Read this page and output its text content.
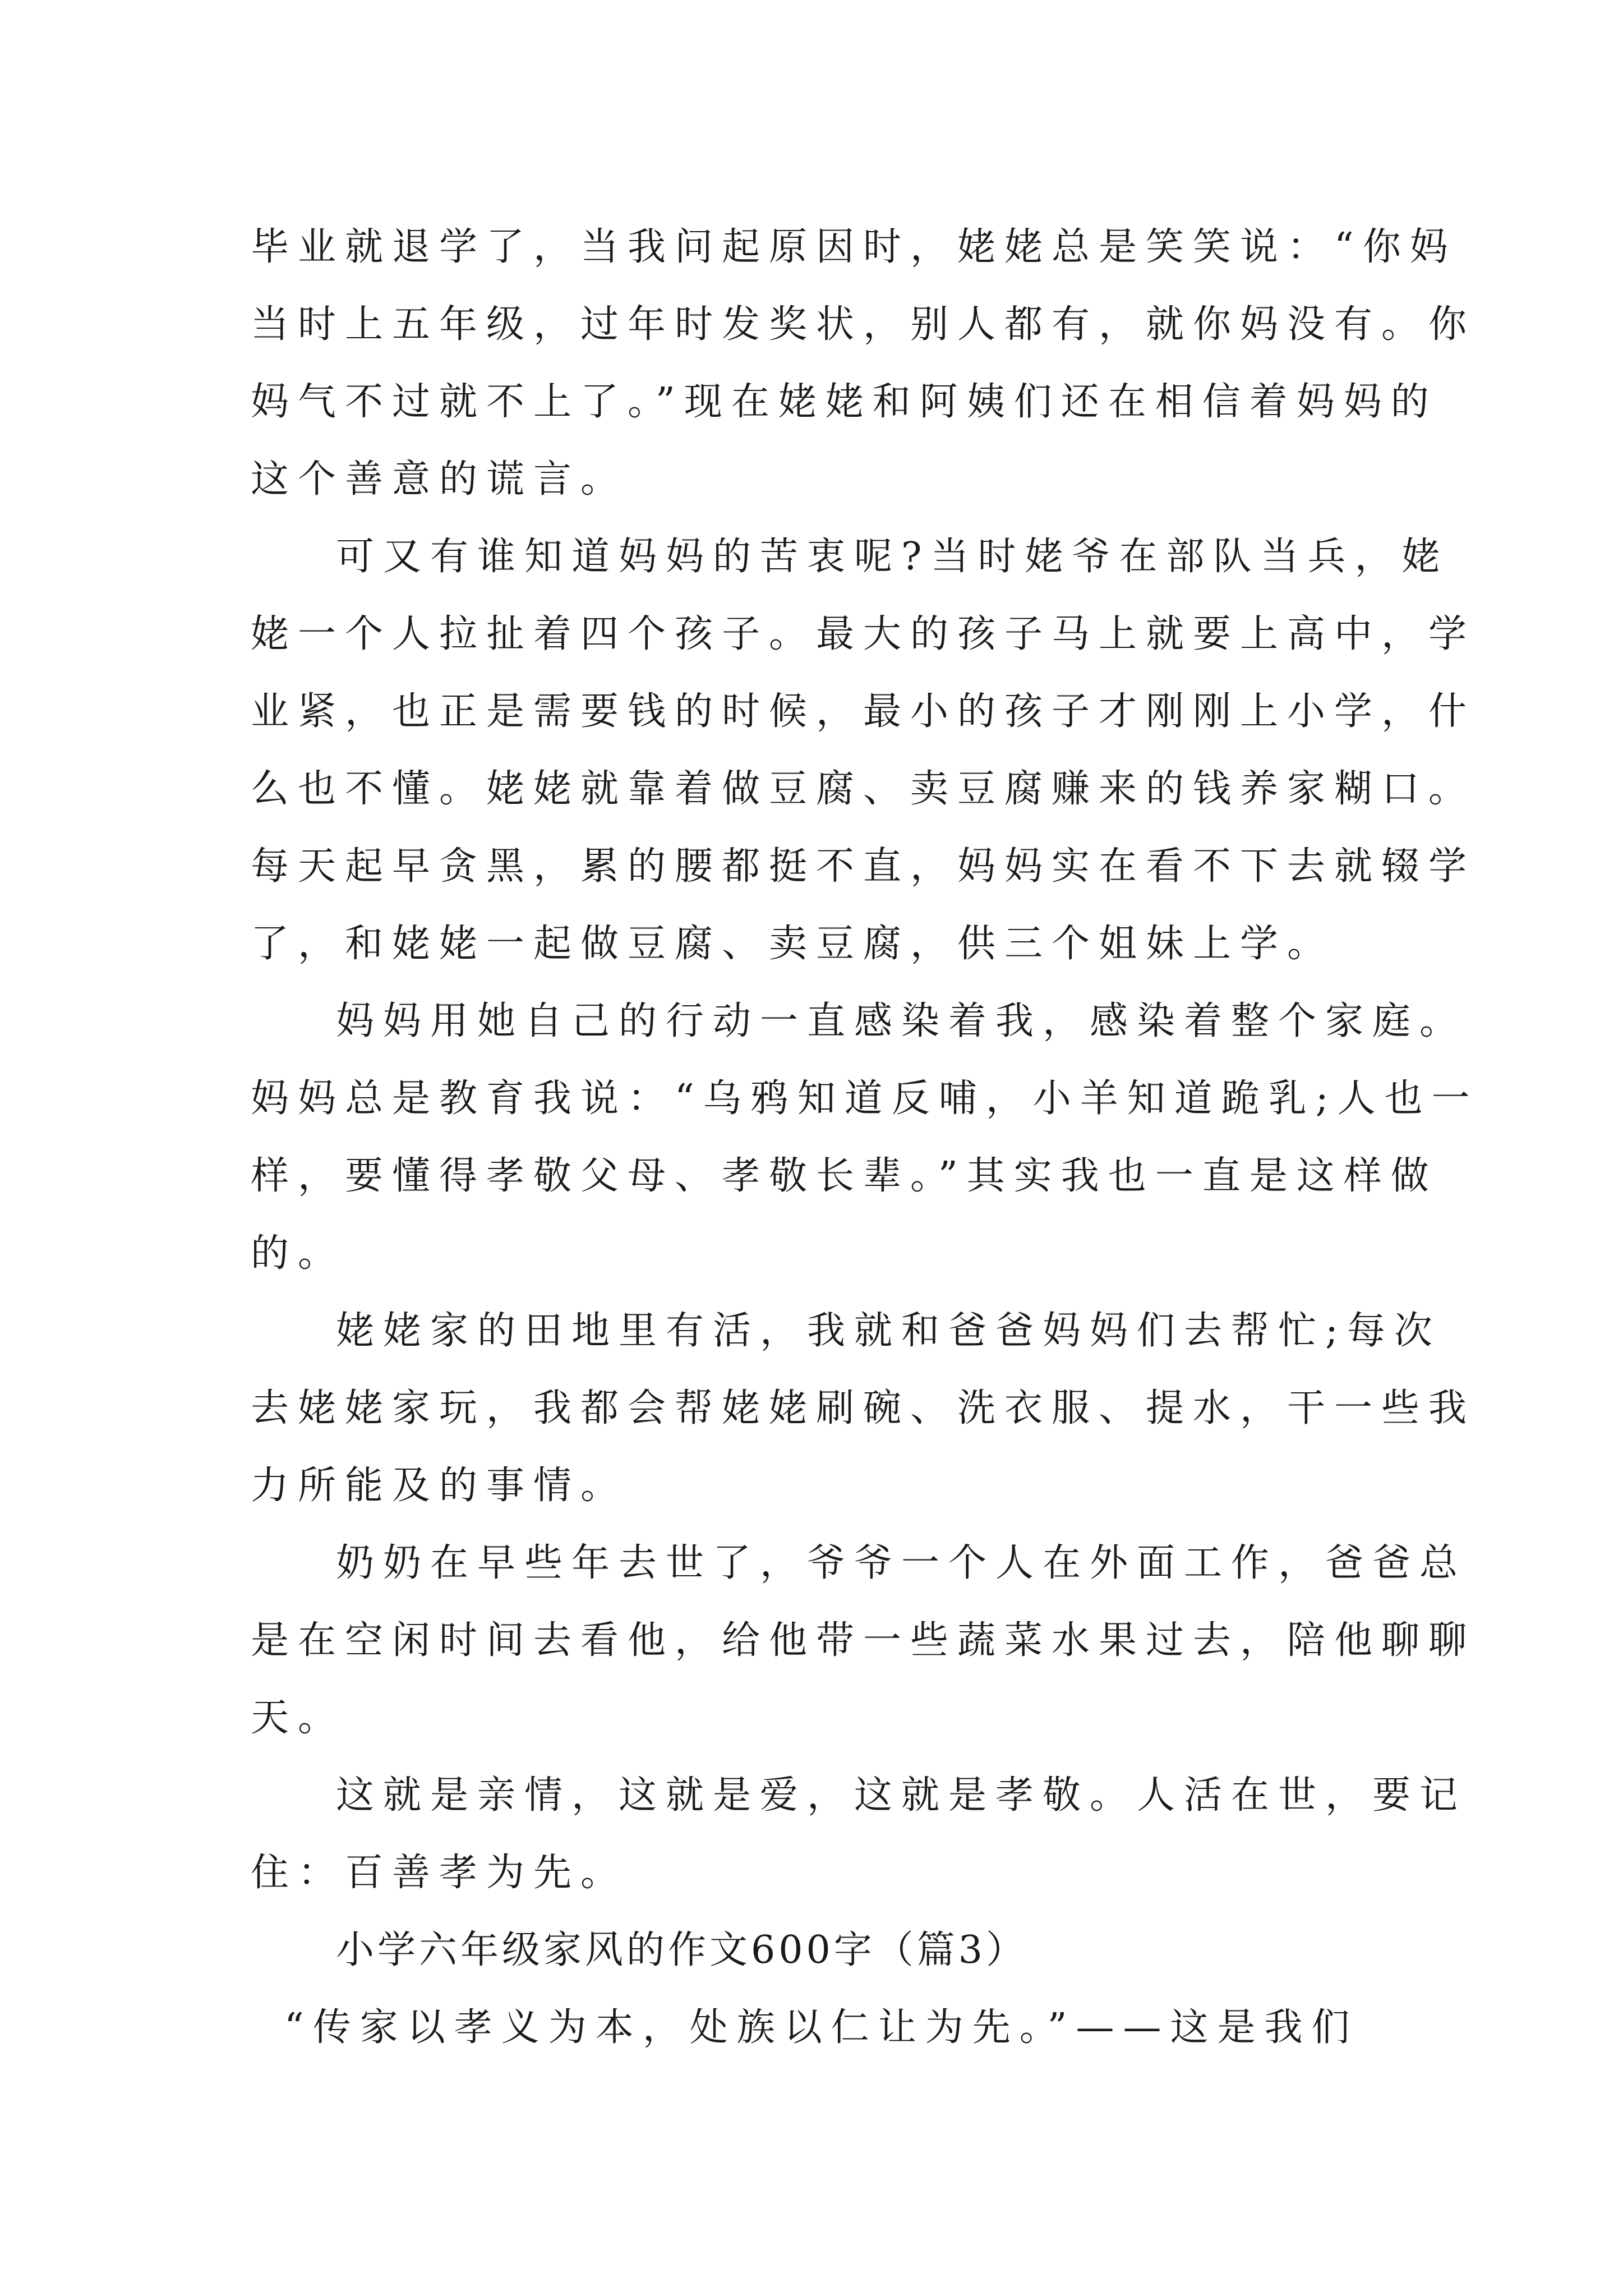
毕业就退学了，当我问起原因时，姥姥总是笑笑说：“你妈
当时上五年级，过年时发奖状，别人都有，就你妈没有。你
妈气不过就不上了。”现在姥姥和阿姨们还在相信着妈妈的
这个善意的谎言。
可又有谁知道妈妈的苦衷呢?当时姥爷在部队当兵，姥
姥一个人拉扯着四个孩子。最大的孩子马上就要上高中，学
业紧，也正是需要钱的时候，最小的孩子才刚刚上小学，什
么也不懂。姥姥就靠着做豆腐、卖豆腐赚来的钱养家糊口。
每天起早贪黑，累的腰都挺不直，妈妈实在看不下去就辍学
了，和姥姥一起做豆腐、卖豆腐，供三个姐妹上学。
妈妈用她自己的行动一直感染着我，感染着整个家庭。
妈妈总是教育我说：“乌鸦知道反哺，小羊知道跪乳;人也一
样，要懂得孝敬父母、孝敬长辈。”其实我也一直是这样做
的。
姥姥家的田地里有活，我就和爸爸妈妈们去帮忙;每次
去姥姥家玩，我都会帮姥姥刷碗、洗衣服、提水，干一些我
力所能及的事情。
奶奶在早些年去世了，爷爷一个人在外面工作，爸爸总
是在空闲时间去看他，给他带一些蔬菜水果过去，陪他聊聊
天。
这就是亲情，这就是爱，这就是孝敬。人活在世，要记
住：百善孝为先。
小学六年级家风的作文600字（篇3）
“传家以孝义为本，处族以仁让为先。”——这是我们
